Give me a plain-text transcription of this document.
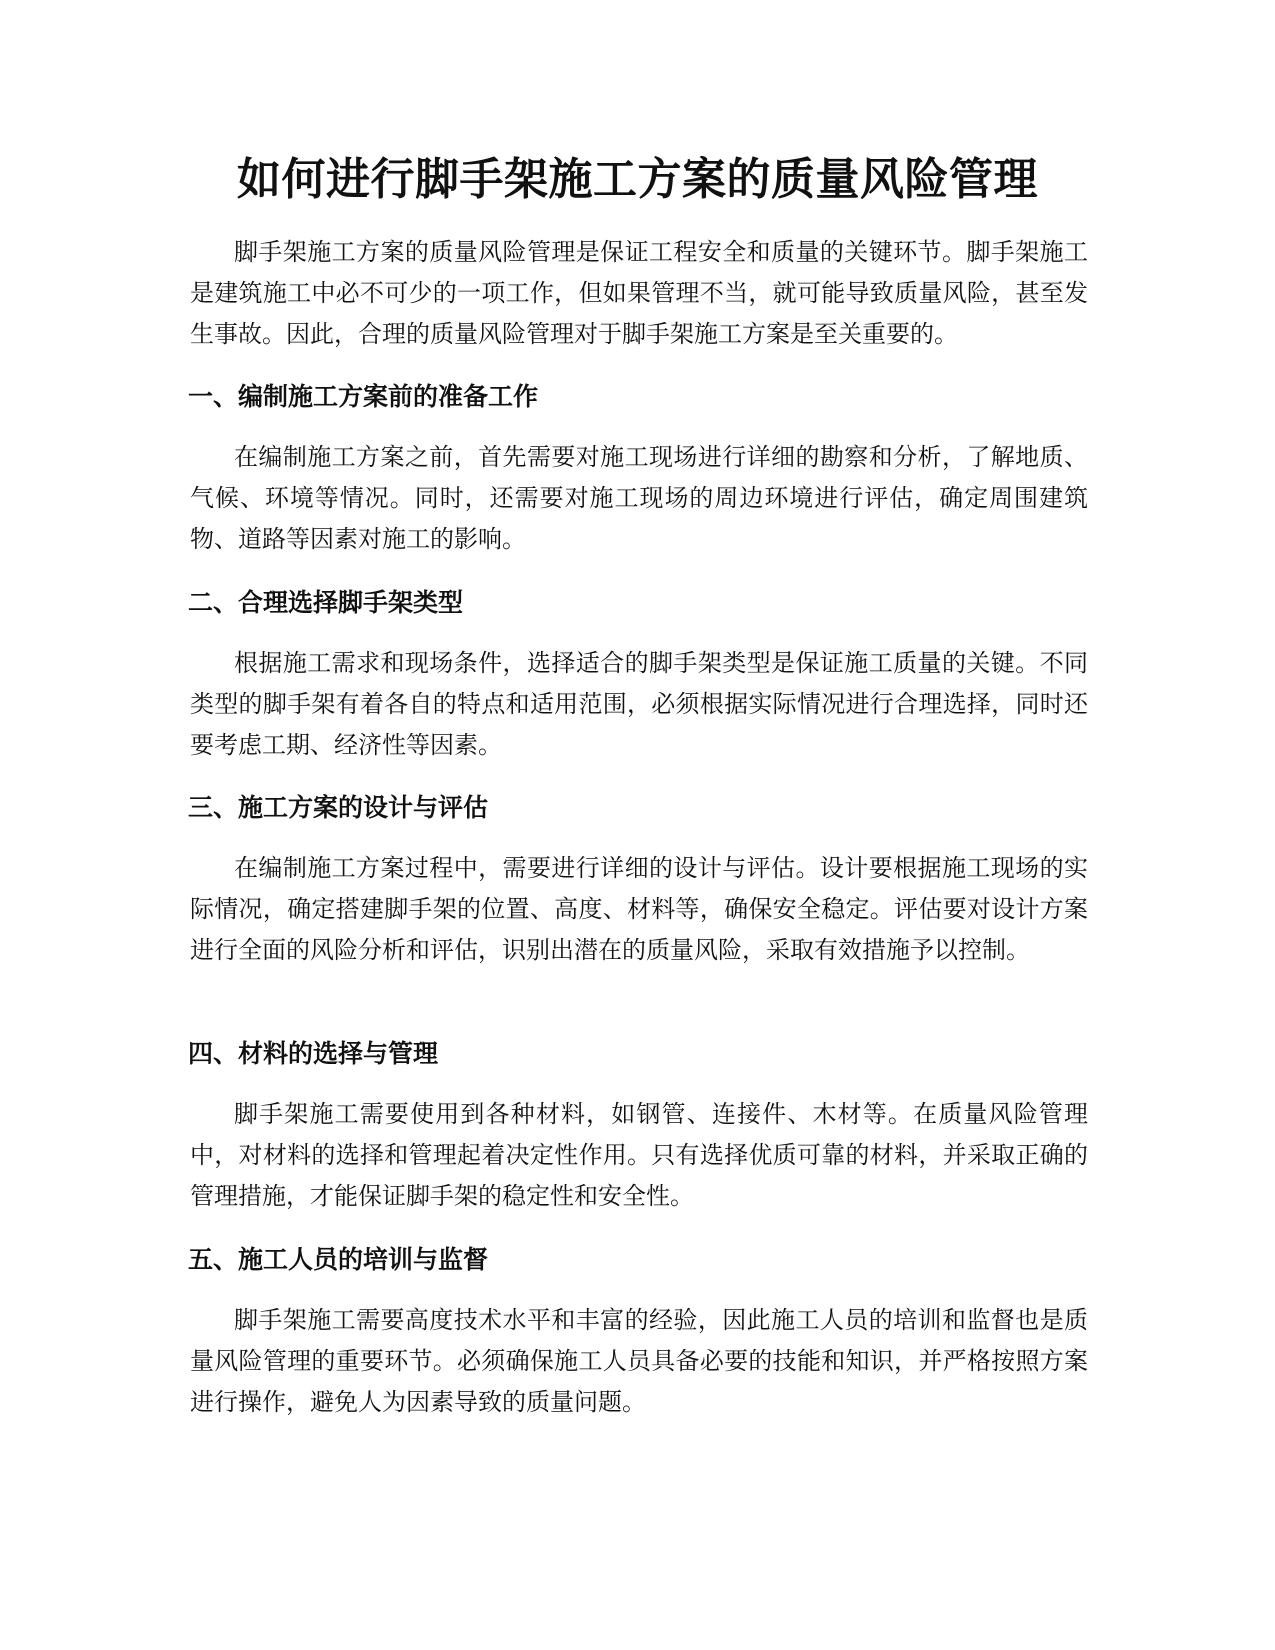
如何进行脚手架施工方案的质量风险管理

脚手架施工方案的质量风险管理是保证工程安全和质量的关键环节。脚手架施工是建筑施工中必不可少的一项工作，但如果管理不当，就可能导致质量风险，甚至发生事故。因此，合理的质量风险管理对于脚手架施工方案是至关重要的。

一、编制施工方案前的准备工作

在编制施工方案之前，首先需要对施工现场进行详细的勘察和分析，了解地质、气候、环境等情况。同时，还需要对施工现场的周边环境进行评估，确定周围建筑物、道路等因素对施工的影响。

二、合理选择脚手架类型

根据施工需求和现场条件，选择适合的脚手架类型是保证施工质量的关键。不同类型的脚手架有着各自的特点和适用范围，必须根据实际情况进行合理选择，同时还要考虑工期、经济性等因素。

三、施工方案的设计与评估

在编制施工方案过程中，需要进行详细的设计与评估。设计要根据施工现场的实际情况，确定搭建脚手架的位置、高度、材料等，确保安全稳定。评估要对设计方案进行全面的风险分析和评估，识别出潜在的质量风险，采取有效措施予以控制。

四、材料的选择与管理

脚手架施工需要使用到各种材料，如钢管、连接件、木材等。在质量风险管理中，对材料的选择和管理起着决定性作用。只有选择优质可靠的材料，并采取正确的管理措施，才能保证脚手架的稳定性和安全性。

五、施工人员的培训与监督

脚手架施工需要高度技术水平和丰富的经验，因此施工人员的培训和监督也是质量风险管理的重要环节。必须确保施工人员具备必要的技能和知识，并严格按照方案进行操作，避免人为因素导致的质量问题。
